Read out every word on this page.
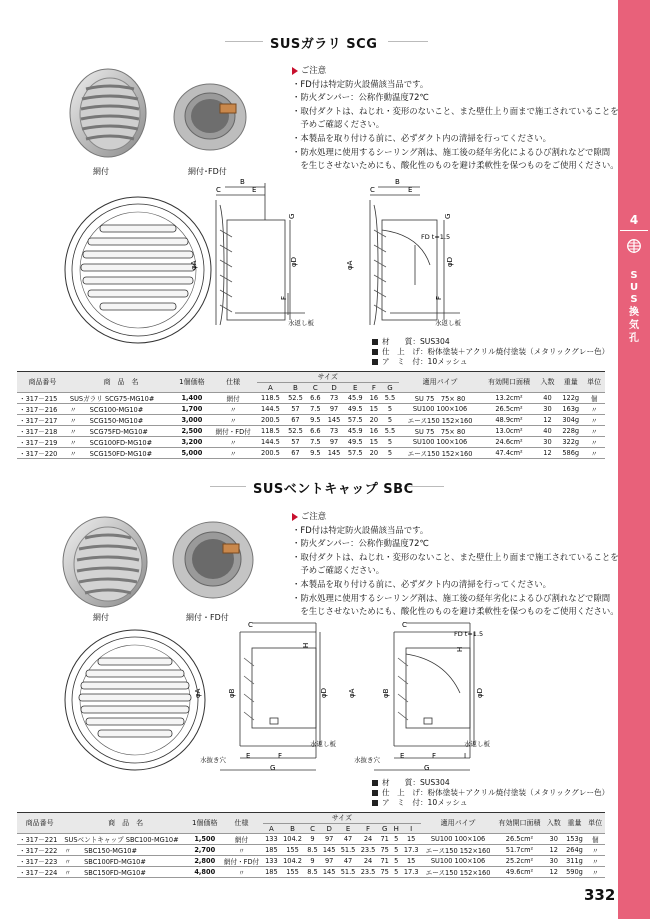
4
S
U
S
換
気
孔
SUSガラリ SCG
網付	網付･FD付
ご注意
・FD付は特定防火設備該当品です。
・防火ダンパー：公称作動温度72℃
・取付ダクトは、ねじれ・変形のないこと、また壁仕上り面まで施工されていることを
　予めご確認ください。
・本製品を取り付ける前に、必ずダクト内の清掃を行ってください。
・防水処理に使用するシーリング剤は、施工後の経年劣化によるひび割れなどで隙間
　を生じさせないためにも、酸化性のものを避け柔軟性を保つものをご使用ください。
B
C	E
G
φA	φD
F
水返し板
B
C	E
G
φA	φD
F
FD t=1.5
水返し板
材　　質：SUS304
仕　上　げ：粉体塗装＋アクリル焼付塗装（メタリックグレー色）
ア　ミ　付：10メッシュ
商品番号	商　品　名	1個価格	仕様	サイズ							適用パイプ	有効開口面積	入数	重量	単位
				A	B	C	D	E	F	G					
・317－215	SUSガラリ SCG75-MG10#	1,400	網付	118.5	52.5	6.6	73	45.9	16	5.5	SU 75　75× 80	13.2cm²	40	122g	個
・317－216	〃　　SCG100-MG10#	1,700	〃	144.5	57	7.5	97	49.5	15	5	SU100 100×106	26.5cm²	30	163g	〃
・317－217	〃　　SCG150-MG10#	3,000	〃	200.5	67	9.5	145	57.5	20	5	エース150 152×160	48.9cm²	12	304g	〃
・317－218	〃　　SCG75FD-MG10#	2,500	網付・FD付	118.5	52.5	6.6	73	45.9	16	5.5	SU 75　75× 80	13.0cm²	40	228g	〃
・317－219	〃　　SCG100FD-MG10#	3,200	〃	144.5	57	7.5	97	49.5	15	5	SU100 100×106	24.6cm²	30	322g	〃
・317－220	〃　　SCG150FD-MG10#	5,000	〃	200.5	67	9.5	145	57.5	20	5	エース150 152×160	47.4cm²	12	586g	〃
SUSベントキャップ SBC
網付	網付・FD付
ご注意
・FD付は特定防火設備該当品です。
・防火ダンパー：公称作動温度72℃
・取付ダクトは、ねじれ・変形のないこと、また壁仕上り面まで施工されていることを
　予めご確認ください。
・本製品を取り付ける前に、必ずダクト内の清掃を行ってください。
・防水処理に使用するシーリング剤は、施工後の経年劣化によるひび割れなどで隙間
　を生じさせないためにも、酸化性のものを避け柔軟性を保つものをご使用ください。
C
H
φA	φB	φD
E	F
G
水返し板
水抜き穴
C
FD t=1.5
H
φA	φB	φD
E	F
G
I
水返し板
水抜き穴
材　　質：SUS304
仕　上　げ：粉体塗装＋アクリル焼付塗装（メタリックグレー色）
ア　ミ　付：10メッシュ
商品番号	商　品　名	1個価格	仕様	サイズ									適用パイプ	有効開口面積	入数	重量	単位
				A	B	C	D	E	F	G	H	I					
・317－221	SUSベントキャップ SBC100-MG10#	1,500	網付	133	104.2	9	97	47	24	71	5	15	SU100 100×106	26.5cm²	30	153g	個
・317－222	〃　　SBC150-MG10#	2,700	〃	185	155	8.5	145	51.5	23.5	75	5	17.3	エース150 152×160	51.7cm²	12	264g	〃
・317－223	〃　　SBC100FD-MG10#	2,800	網付・FD付	133	104.2	9	97	47	24	71	5	15	SU100 100×106	25.2cm²	30	311g	〃
・317－224	〃　　SBC150FD-MG10#	4,800	〃	185	155	8.5	145	51.5	23.5	75	5	17.3	エース150 152×160	49.6cm²	12	590g	〃
332
